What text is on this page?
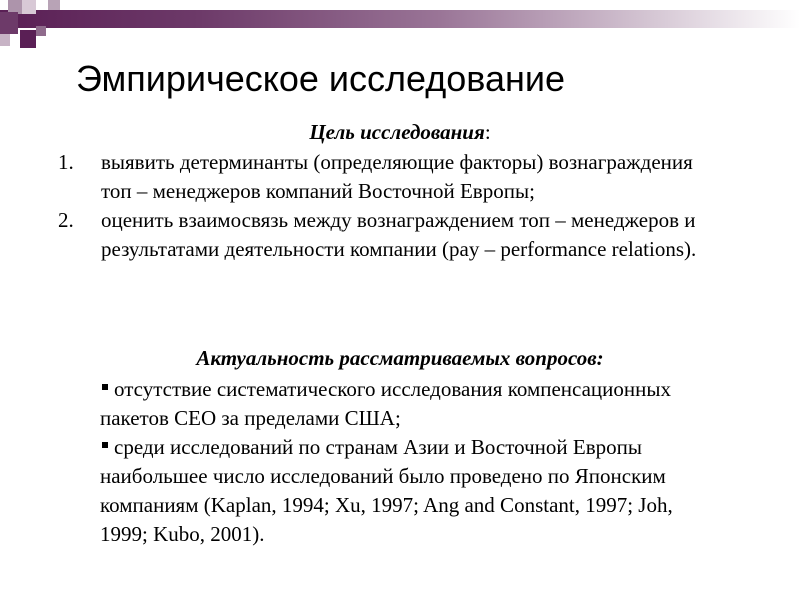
Эмпирическое исследование
Цель исследования:
1. выявить детерминанты (определяющие факторы) вознаграждения топ – менеджеров компаний Восточной Европы;
2. оценить взаимосвязь между вознаграждением топ – менеджеров и результатами деятельности компании (pay – performance relations).
Актуальность рассматриваемых вопросов:

отсутствие систематического исследования компенсационных пакетов CEO за пределами США;

среди исследований по странам Азии и Восточной Европы наибольшее число исследований было проведено по Японским компаниям (Kaplan, 1994; Xu, 1997; Ang and Constant, 1997; Joh, 1999; Kubo, 2001).
